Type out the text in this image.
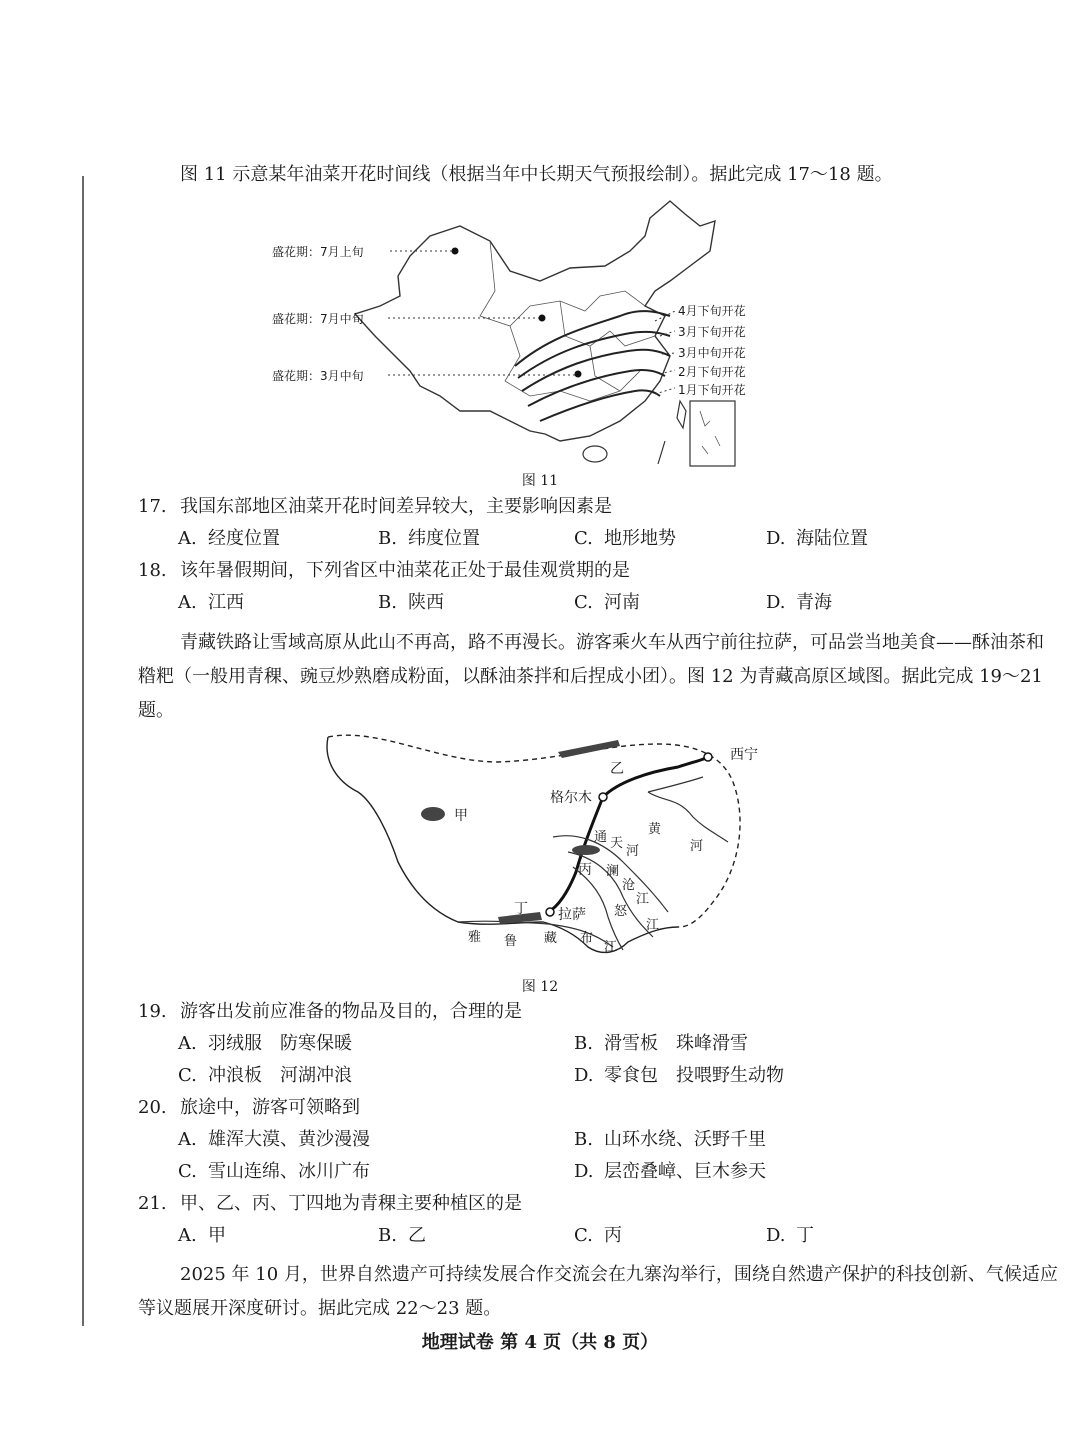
图 11 示意某年油菜开花时间线（根据当年中长期天气预报绘制）。据此完成 17～18 题。
盛花期：7月上旬
盛花期：7月中旬
盛花期：3月中旬
4月下旬开花
3月下旬开花
3月中旬开花
2月下旬开花
1月下旬开花
图 11
17. 我国东部地区油菜开花时间差异较大，主要影响因素是
A. 经度位置	B. 纬度位置	C. 地形地势	D. 海陆位置
18. 该年暑假期间，下列省区中油菜花正处于最佳观赏期的是
A. 江西	B. 陕西	C. 河南	D. 青海
青藏铁路让雪域高原从此山不再高，路不再漫长。游客乘火车从西宁前往拉萨，可品尝当地美食——酥油茶和糌粑（一般用青稞、豌豆炒熟磨成粉面，以酥油茶拌和后捏成小团）。图 12 为青藏高原区域图。据此完成 19～21 题。
西宁
格尔木
拉萨
甲
乙
丙
丁
黄
河
通 天
河
澜
沧
江
怒
江
雅 鲁 藏 布
江
图 12
19. 游客出发前应准备的物品及目的，合理的是
A. 羽绒服　防寒保暖	B. 滑雪板　珠峰滑雪
C. 冲浪板　河湖冲浪	D. 零食包　投喂野生动物
20. 旅途中，游客可领略到
A. 雄浑大漠、黄沙漫漫	B. 山环水绕、沃野千里
C. 雪山连绵、冰川广布	D. 层峦叠嶂、巨木参天
21. 甲、乙、丙、丁四地为青稞主要种植区的是
A. 甲	B. 乙	C. 丙	D. 丁
2025 年 10 月，世界自然遗产可持续发展合作交流会在九寨沟举行，围绕自然遗产保护的科技创新、气候适应等议题展开深度研讨。据此完成 22～23 题。
地理试卷 第 4 页（共 8 页）
